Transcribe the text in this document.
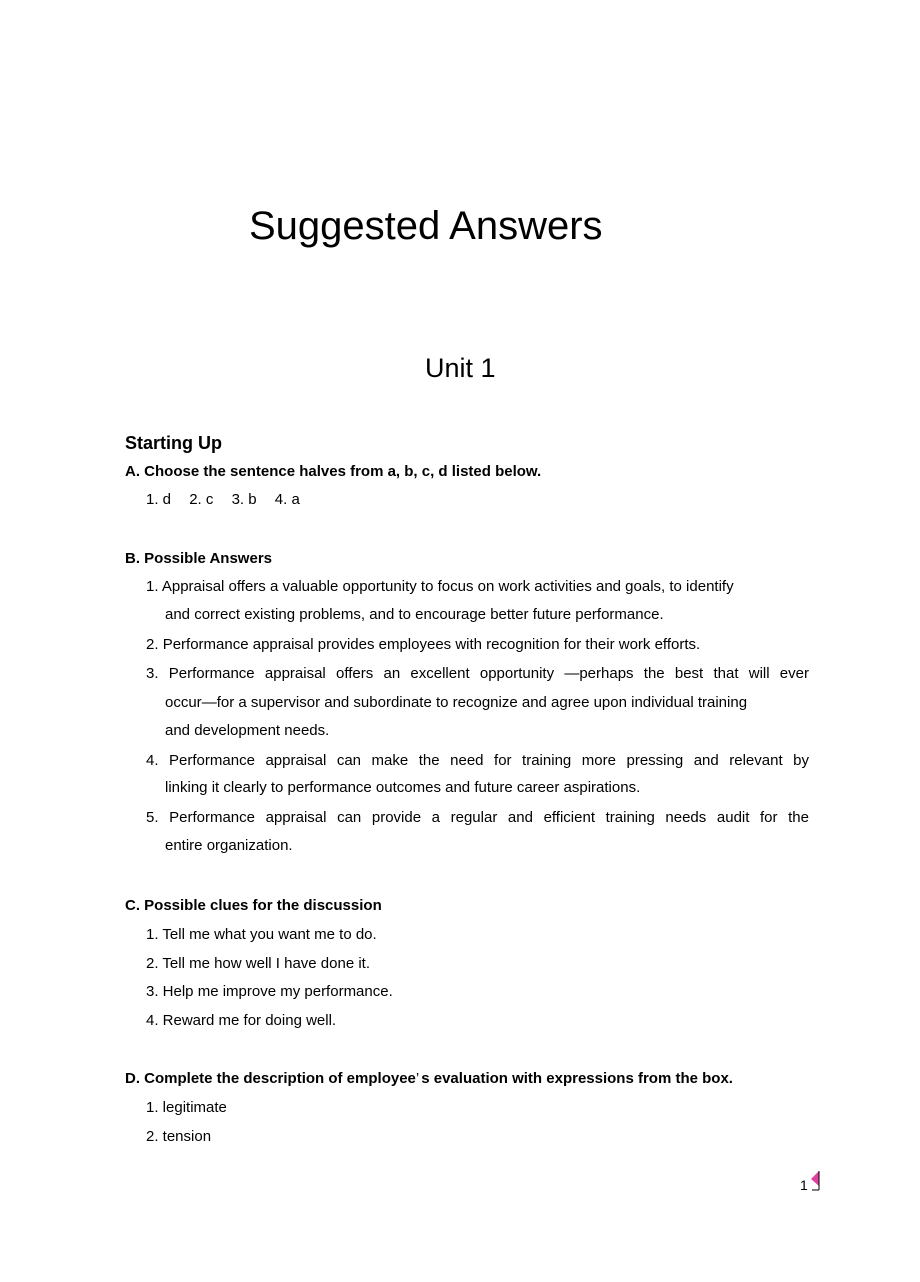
Suggested Answers
Unit 1
Starting Up

A. Choose the sentence halves from a, b, c, d listed below.

1. d 2. c 3. b 4. a

B. Possible Answers

1. Appraisal offers a valuable opportunity to focus on work activities and goals, to identify

and correct existing problems, and to encourage better future performance.

2. Performance appraisal provides employees with recognition for their work efforts.

3. Performance appraisal offers an excellent opportunity —perhaps the best that will ever

occur—for a supervisor and subordinate to recognize and agree upon individual training

and development needs.

4. Performance appraisal can make the need for training more pressing and relevant by

linking it clearly to performance outcomes and future career aspirations.

5. Performance appraisal can provide a regular and efficient training needs audit for the

entire organization.

C. Possible clues for the discussion

1. Tell me what you want me to do.

2. Tell me how well I have done it.

3. Help me improve my performance.

4. Reward me for doing well.

D. Complete the description of employee’s evaluation with expressions from the box.

1. legitimate

2. tension

1
